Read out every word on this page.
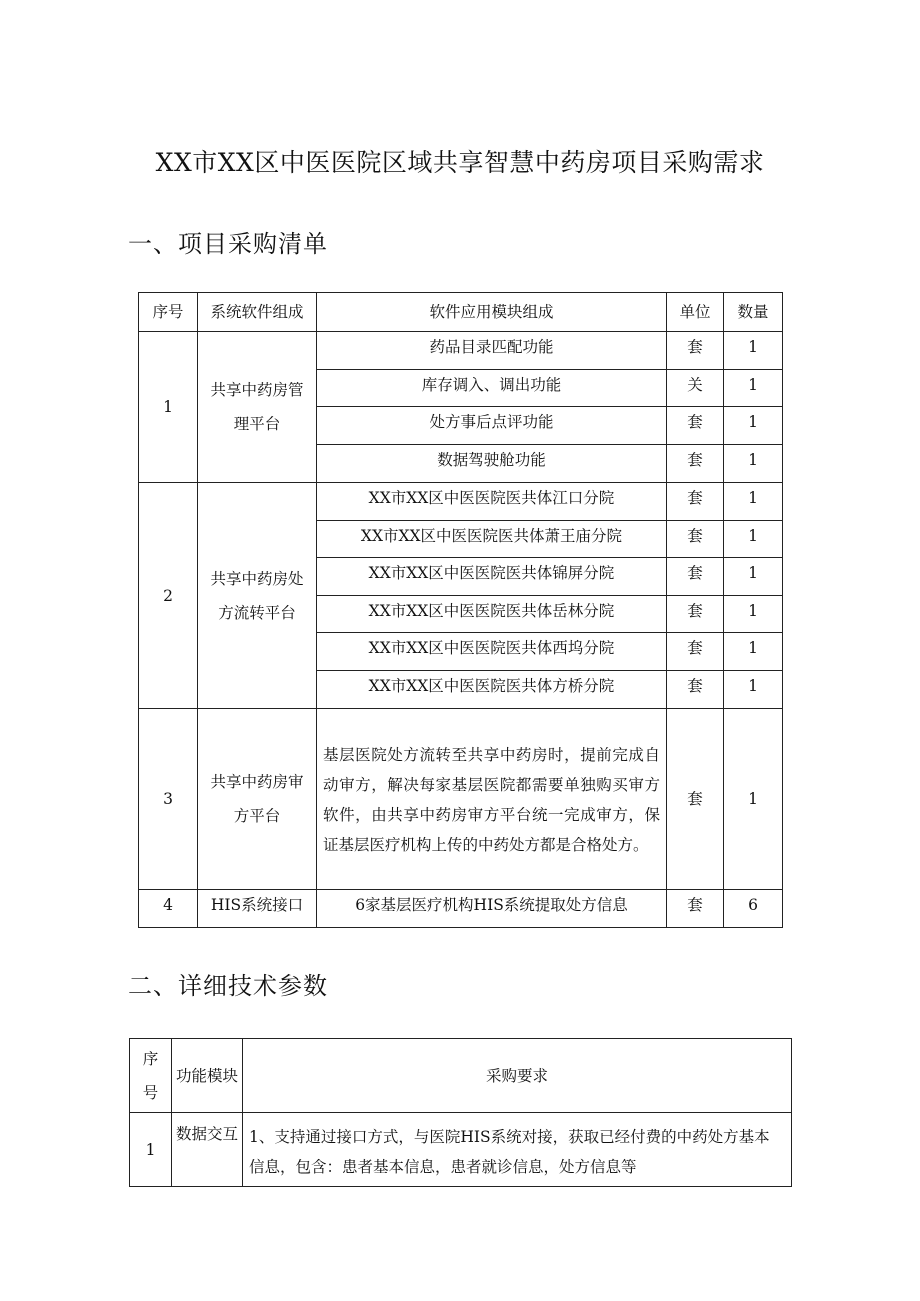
XX市XX区中医医院区域共享智慧中药房项目采购需求
一、项目采购清单
序号	系统软件组成	软件应用模块组成	单位	数量
1	共享中药房管理平台	药品目录匹配功能	套	1
		库存调入、调出功能	关	1
		处方事后点评功能	套	1
		数据驾驶舱功能	套	1
2	共享中药房处方流转平台	XX市XX区中医医院医共体江口分院	套	1
		XX市XX区中医医院医共体萧王庙分院	套	1
		XX市XX区中医医院医共体锦屏分院	套	1
		XX市XX区中医医院医共体岳林分院	套	1
		XX市XX区中医医院医共体西坞分院	套	1
		XX市XX区中医医院医共体方桥分院	套	1
3	共享中药房审方平台	基层医院处方流转至共享中药房时，提前完成自动审方，解决每家基层医院都需要单独购买审方软件，由共享中药房审方平台统一完成审方，保证基层医疗机构上传的中药处方都是合格处方。	套	1
4	HIS系统接口	6家基层医疗机构HIS系统提取处方信息	套	6
二、详细技术参数
序号	功能模块	采购要求
1	数据交互	1、支持通过接口方式，与医院HIS系统对接，获取已经付费的中药处方基本信息，包含：患者基本信息，患者就诊信息，处方信息等
